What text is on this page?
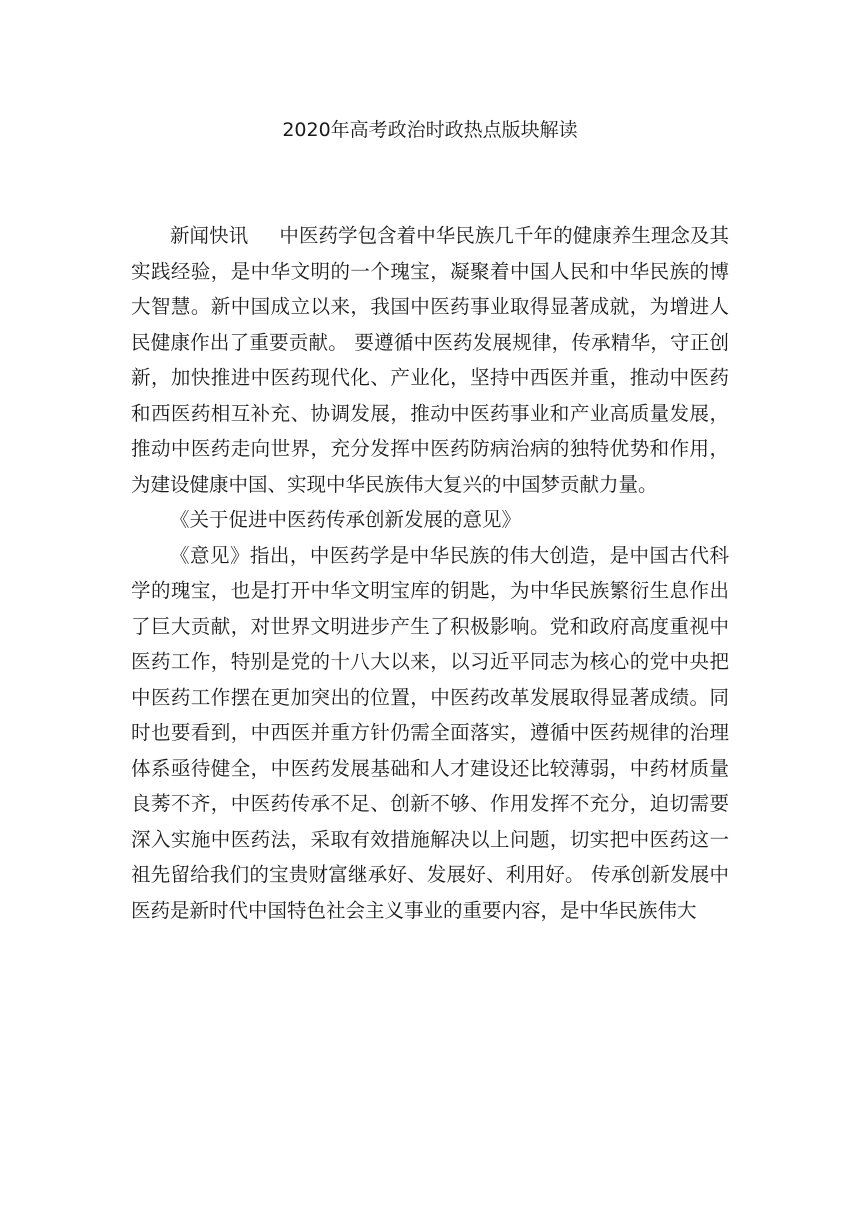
2020年高考政治时政热点版块解读

新闻快讯 中医药学包含着中华民族几千年的健康养生理念及其实践经验，是中华文明的一个瑰宝，凝聚着中国人民和中华民族的博大智慧。新中国成立以来，我国中医药事业取得显著成就，为增进人民健康作出了重要贡献。 要遵循中医药发展规律，传承精华，守正创新，加快推进中医药现代化、产业化，坚持中西医并重，推动中医药和西医药相互补充、协调发展，推动中医药事业和产业高质量发展，推动中医药走向世界，充分发挥中医药防病治病的独特优势和作用，为建设健康中国、实现中华民族伟大复兴的中国梦贡献力量。

《关于促进中医药传承创新发展的意见》

《意见》指出，中医药学是中华民族的伟大创造，是中国古代科学的瑰宝，也是打开中华文明宝库的钥匙，为中华民族繁衍生息作出了巨大贡献，对世界文明进步产生了积极影响。党和政府高度重视中医药工作，特别是党的十八大以来，以习近平同志为核心的党中央把中医药工作摆在更加突出的位置，中医药改革发展取得显著成绩。同时也要看到，中西医并重方针仍需全面落实，遵循中医药规律的治理体系亟待健全，中医药发展基础和人才建设还比较薄弱，中药材质量良莠不齐，中医药传承不足、创新不够、作用发挥不充分，迫切需要深入实施中医药法，采取有效措施解决以上问题，切实把中医药这一祖先留给我们的宝贵财富继承好、发展好、利用好。 传承创新发展中医药是新时代中国特色社会主义事业的重要内容，是中华民族伟大
